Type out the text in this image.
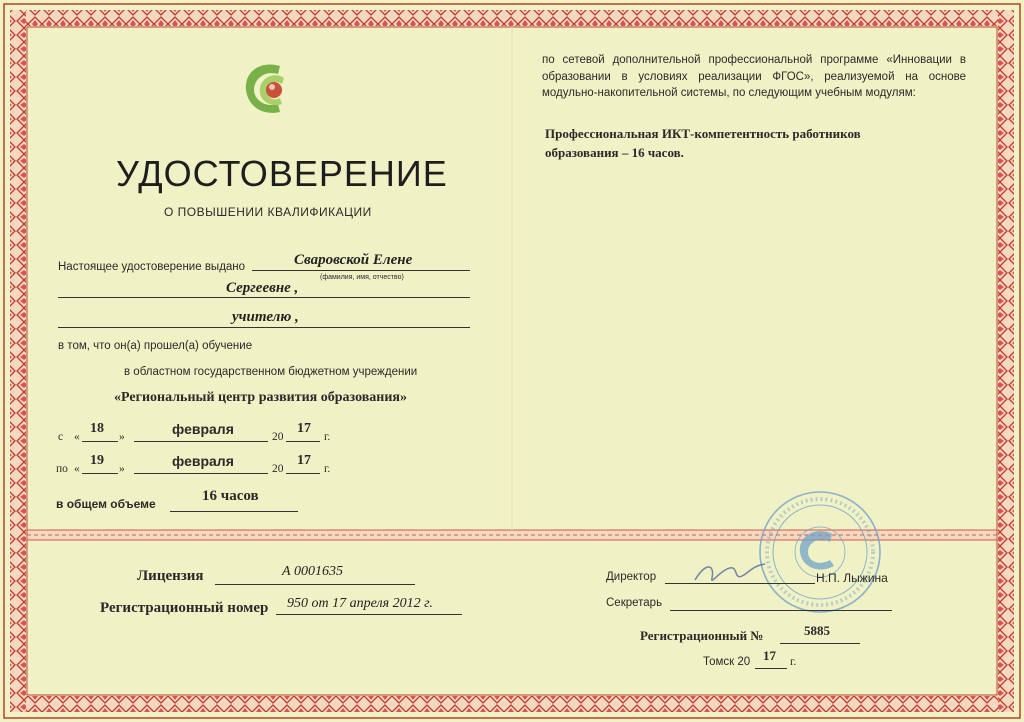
УДОСТОВЕРЕНИЕ
О ПОВЫШЕНИИ КВАЛИФИКАЦИИ
Настоящее удостоверение выдано	Сваровской Елене
(фамилия, имя, отчество)
Сергеевне ,
учителю ,
в том, что он(а) прошел(а) обучение
в областном государственном бюджетном учреждении
«Региональный центр развития образования»
с «
18
»	февраля	20
17
г.
по «
19
»	февраля	20
17
г.
в общем объеме	16 часов
Лицензия	А 0001635
Регистрационный номер 950 от 17 апреля 2012 г.
по сетевой дополнительной профессиональной программе «Инновации в образовании в условиях реализации ФГОС», реализуемой на основе модульно-накопительной системы, по следующим учебным модулям:
Профессиональная ИКТ-компетентность работников
образования – 16 часов.
Директор	Н.П. Лыжина
Секретарь
Регистрационный №	5885
Томск 20 17 г.
